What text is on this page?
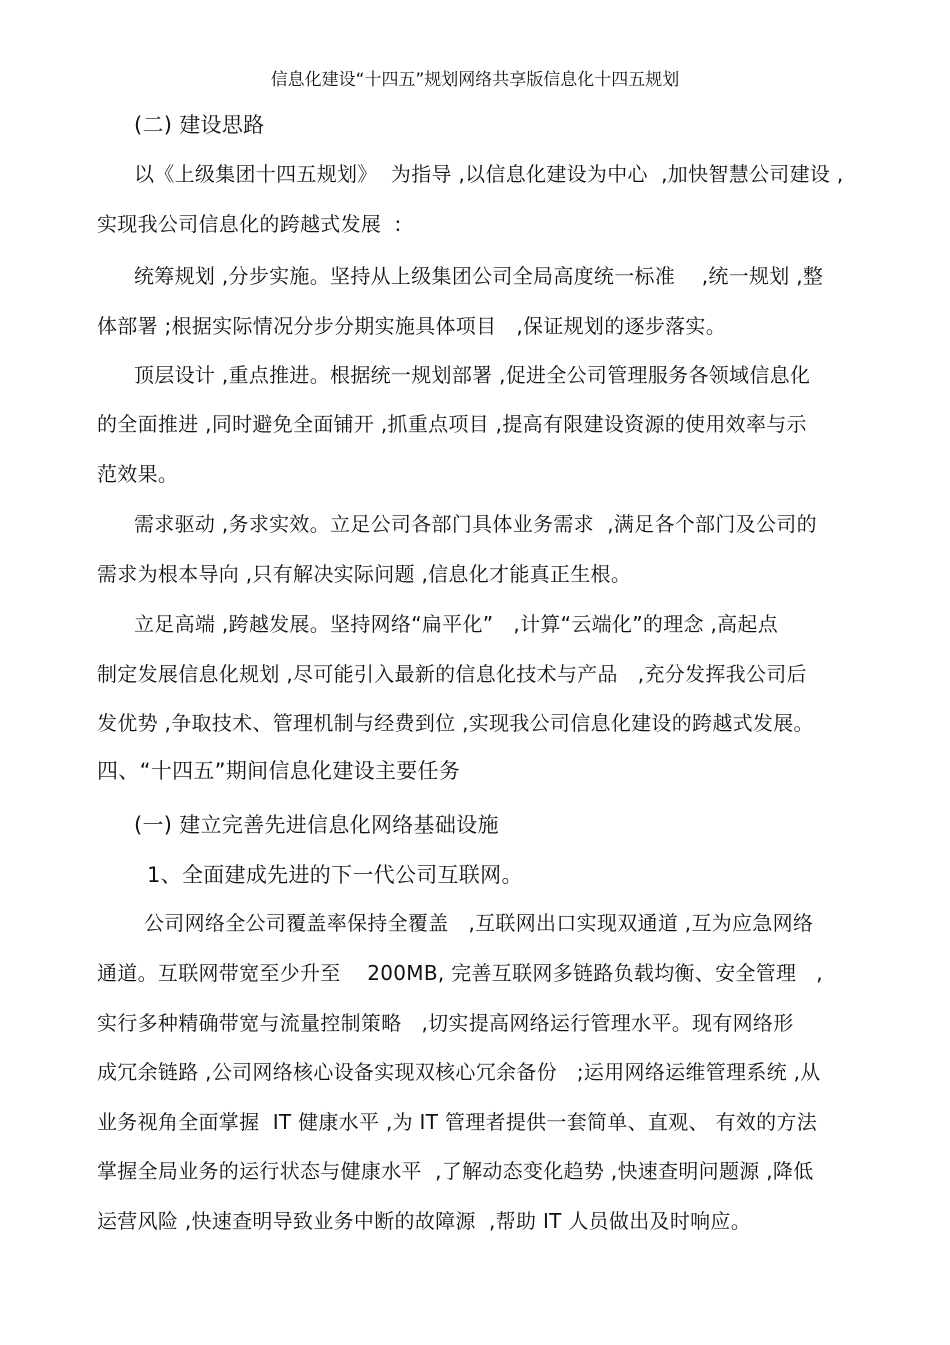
信息化建设“十四五”规划网络共享版信息化十四五规划
(二) 建设思路
以《上级集团十四五规划》  为指导 ,以信息化建设为中心  ,加快智慧公司建设 ,
实现我公司信息化的跨越式发展  :
统筹规划 ,分步实施。坚持从上级集团公司全局高度统一标准    ,统一规划 ,整
体部署 ;根据实际情况分步分期实施具体项目   ,保证规划的逐步落实。
顶层设计 ,重点推进。根据统一规划部署 ,促进全公司管理服务各领域信息化
的全面推进 ,同时避免全面铺开 ,抓重点项目 ,提高有限建设资源的使用效率与示
范效果。
需求驱动 ,务求实效。立足公司各部门具体业务需求  ,满足各个部门及公司的
需求为根本导向 ,只有解决实际问题 ,信息化才能真正生根。
立足高端 ,跨越发展。坚持网络“扁平化”   ,计算“云端化”的理念 ,高起点
制定发展信息化规划 ,尽可能引入最新的信息化技术与产品   ,充分发挥我公司后
发优势 ,争取技术、管理机制与经费到位 ,实现我公司信息化建设的跨越式发展。
四、“十四五”期间信息化建设主要任务
(一) 建立完善先进信息化网络基础设施
1、全面建成先进的下一代公司互联网。
公司网络全公司覆盖率保持全覆盖   ,互联网出口实现双通道 ,互为应急网络
通道。互联网带宽至少升至    200MB, 完善互联网多链路负载均衡、安全管理   ,
实行多种精确带宽与流量控制策略   ,切实提高网络运行管理水平。现有网络形
成冗余链路 ,公司网络核心设备实现双核心冗余备份   ;运用网络运维管理系统 ,从
业务视角全面掌握  IT 健康水平 ,为 IT 管理者提供一套简单、直观、 有效的方法
掌握全局业务的运行状态与健康水平  ,了解动态变化趋势 ,快速查明问题源 ,降低
运营风险 ,快速查明导致业务中断的故障源  ,帮助 IT 人员做出及时响应。
